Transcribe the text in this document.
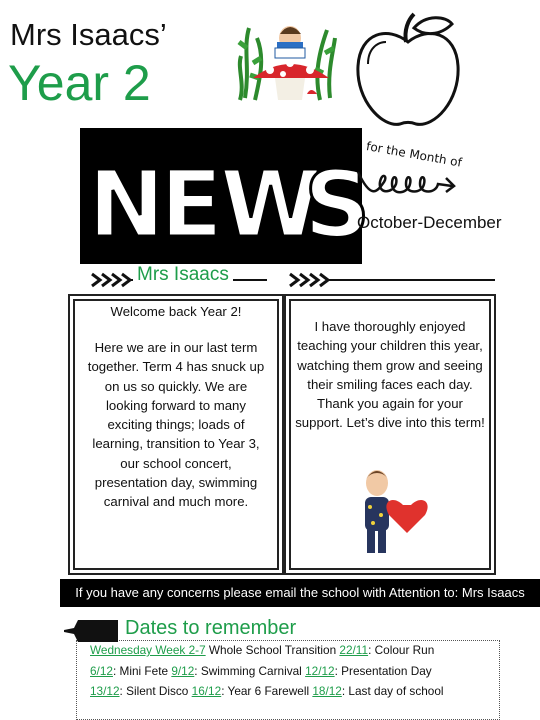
Mrs Isaacs’
Year 2
N
E
W
S
for the Month of
October-December
Mrs Isaacs
Welcome back Year 2!
Here we are in our last term together. Term 4 has snuck up on us so quickly. We are looking forward to many exciting things; loads of learning, transition to Year 3, our school concert, presentation day, swimming carnival and much more.
I have thoroughly enjoyed teaching your children this year, watching them grow and seeing their smiling faces each day. Thank you again for your support. Let’s dive into this term!
If you have any concerns please email the school with Attention to: Mrs Isaacs
Dates to remember
Wednesday Week 2-7 Whole School Transition 22/11: Colour Run
6/12: Mini Fete 9/12: Swimming Carnival 12/12: Presentation Day
13/12: Silent Disco 16/12: Year 6 Farewell 18/12: Last day of school
